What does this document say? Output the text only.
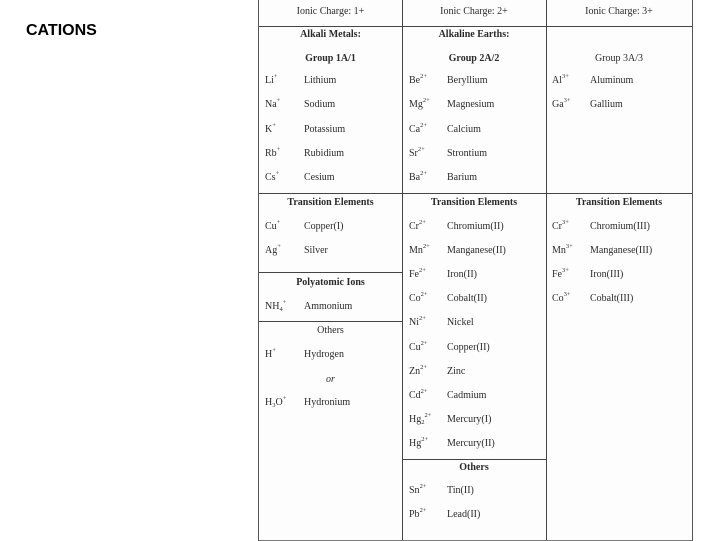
CATIONS
Ionic Charge: 1+	Ionic Charge: 2+	Ionic Charge: 3+
Alkali Metals:
Group 1A/1
Li+	Lithium
Na+ Sodium
K+	Potassium
Rb+ Rubidium
Cs+ Cesium
Alkaline Earths:
Group 2A/2
$Be^{2+}$ Beryllium
$Mg^{2+}$ Magnesium
$Ca^{2+}$ Calcium
$Sr^{2+}$ Strontium
$Ba^{2+}$ Barium
Group 3A/3
$Al^{3+}$ Aluminum
$Ga^{3+}$ Gallium
Transition Elements	Transition Elements	Transition Elements
Cu+ Copper(I)
Ag+ Silver
$Cr^{2+}$ Chromium(II)
$Mn^{2+}$ Manganese(II)
$Fe^{2+}$ Iron(II)
$Co^{2+}$ Cobalt(II)
$Ni^{2+}$ Nickel
$Cu^{2+}$ Copper(II)
$Zn^{2+}$ Zinc
$Cd^{2+}$ Cadmium
$Hg_2^{2+}$ Mercury(I)
$Hg^{2+}$ Mercury(II)
$Cr^{3+}$ Chromium(III)
$Mn^{3+}$ Manganese(III)
$Fe^{3+}$ Iron(III)
$Co^{3+}$ Cobalt(III)
Polyatomic Ions
$NH_4^+$ Ammonium
Others
H+	Hydrogen
$H_3O^+$ Hydronium
or
Others
$Sn^{2+}$ Tin(II)
$Pb^{2+}$ Lead(II)
